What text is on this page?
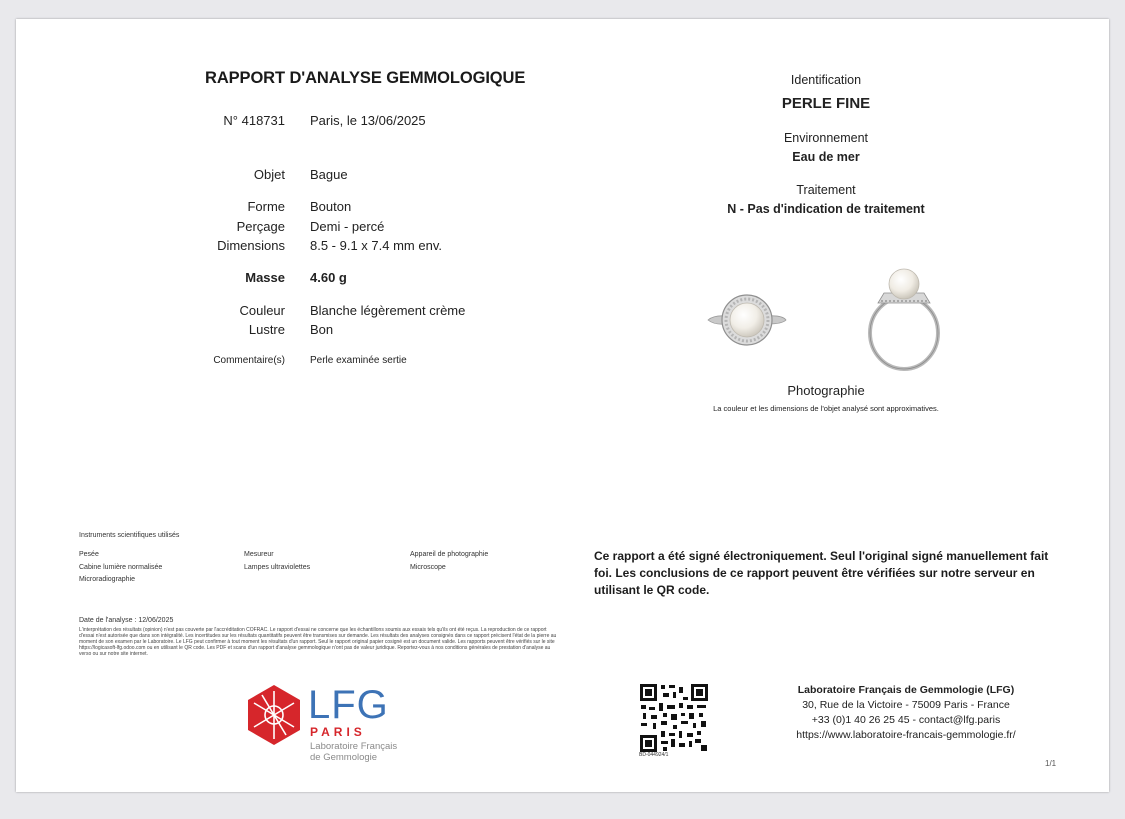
RAPPORT D'ANALYSE GEMMOLOGIQUE
N° 418731 Paris, le 13/06/2025
Objet Bague
Forme Bouton
Perçage Demi - percé
Dimensions 8.5 - 9.1 x 7.4 mm env.
Masse 4.60 g
Couleur Blanche légèrement crème
Lustre Bon
Commentaire(s)	Perle examinée sertie
Identification
PERLE FINE
Environnement
Eau de mer
Traitement
N - Pas d'indication de traitement
Photographie
La couleur et les dimensions de l'objet analysé sont approximatives.
Instruments scientifiques utilisés
Pesée
Cabine lumière normalisée
Microradiographie
Mesureur
Lampes ultraviolettes
Appareil de photographie
Microscope
Date de l'analyse : 12/06/2025
L'interprétation des résultats (opinion) n'est pas couverte par l'accréditation COFRAC. Le rapport d'essai ne concerne que les échantillons soumis aux essais tels qu'ils ont été reçus. La reproduction de ce rapport d'essai n'est autorisée que dans son intégralité. Les incertitudes sur les résultats quantitatifs peuvent être transmises sur demande. Les résultats des analyses consignés dans ce rapport précisent l'état de la pierre au moment de son examen par le Laboratoire. Le LFG peut confirmer à tout moment les résultats d'un rapport. Seul le rapport original papier cosigné est un document valide. Les rapports peuvent être vérifiés sur le site https://logicasoft-lfg.odoo.com ou en utilisant le QR code. Les PDF et scans d'un rapport d'analyse gemmologique n'ont pas de valeur juridique. Reportez-vous à nos conditions générales de prestation d'analyse au verso ou sur notre site internet.
Ce rapport a été signé électroniquement. Seul l'original signé manuellement fait foi. Les conclusions de ce rapport peuvent être vérifiées sur notre serveur en utilisant le QR code.
LFG
PARIS
Laboratoire Français
de Gemmologie	BD-044924/1
Laboratoire Français de Gemmologie (LFG)
30, Rue de la Victoire - 75009 Paris - France
+33 (0)1 40 26 25 45 - contact@lfg.paris
https://www.laboratoire-francais-gemmologie.fr/
1/1
